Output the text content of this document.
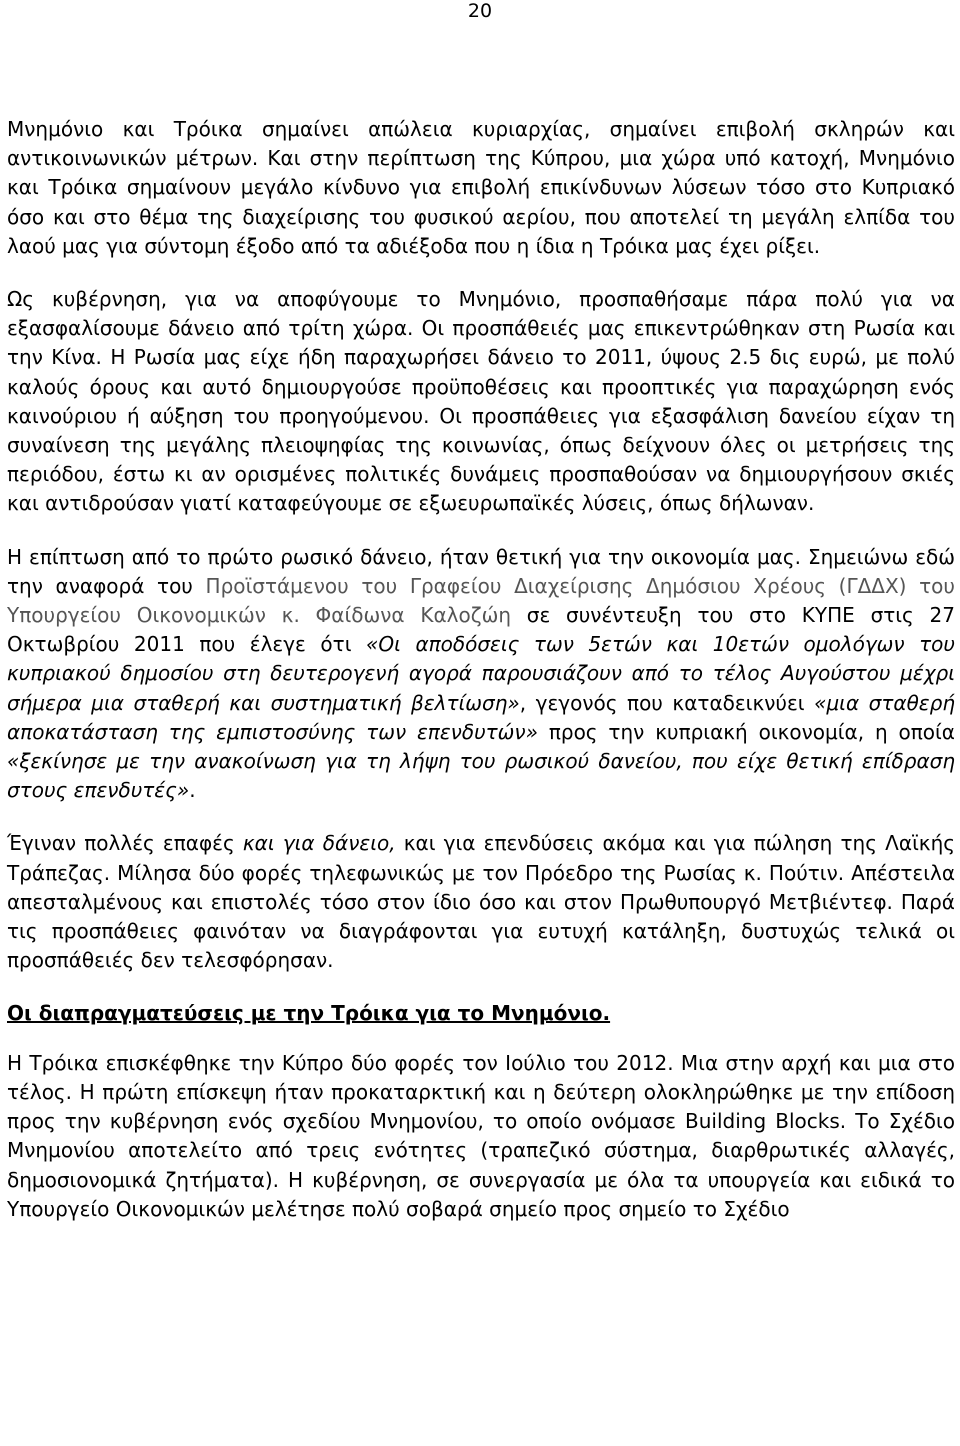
20

Μνημόνιο και Τρόικα σημαίνει απώλεια κυριαρχίας, σημαίνει επιβολή σκληρών και αντικοινωνικών μέτρων. Και στην περίπτωση της Κύπρου, μια χώρα υπό κατοχή, Μνημόνιο και Τρόικα σημαίνουν μεγάλο κίνδυνο για επιβολή επικίνδυνων λύσεων τόσο στο Κυπριακό όσο και στο θέμα της διαχείρισης του φυσικού αερίου, που αποτελεί τη μεγάλη ελπίδα του λαού μας για σύντομη έξοδο από τα αδιέξοδα που η ίδια η Τρόικα μας έχει ρίξει.

Ως κυβέρνηση, για να αποφύγουμε το Μνημόνιο, προσπαθήσαμε πάρα πολύ για να εξασφαλίσουμε δάνειο από τρίτη χώρα. Οι προσπάθειές μας επικεντρώθηκαν στη Ρωσία και την Κίνα. Η Ρωσία μας είχε ήδη παραχωρήσει δάνειο το 2011, ύψους 2.5 δις ευρώ, με πολύ καλούς όρους και αυτό δημιουργούσε προϋποθέσεις και προοπτικές για παραχώρηση ενός καινούριου ή αύξηση του προηγούμενου. Οι προσπάθειες για εξασφάλιση δανείου είχαν τη συναίνεση της μεγάλης πλειοψηφίας της κοινωνίας, όπως δείχνουν όλες οι μετρήσεις της περιόδου, έστω κι αν ορισμένες πολιτικές δυνάμεις προσπαθούσαν να δημιουργήσουν σκιές και αντιδρούσαν γιατί καταφεύγουμε σε εξωευρωπαϊκές λύσεις, όπως δήλωναν.

Η επίπτωση από το πρώτο ρωσικό δάνειο, ήταν θετική για την οικονομία μας. Σημειώνω εδώ την αναφορά του Προϊστάμενου του Γραφείου Διαχείρισης Δημόσιου Χρέους (ΓΔΔΧ) του Υπουργείου Οικονομικών κ. Φαίδωνα Καλοζώη σε συνέντευξη του στο ΚΥΠΕ στις 27 Οκτωβρίου 2011 που έλεγε ότι «Οι αποδόσεις των 5ετών και 10ετών ομολόγων του κυπριακού δημοσίου στη δευτερογενή αγορά παρουσιάζουν από το τέλος Αυγούστου μέχρι σήμερα μια σταθερή και συστηματική βελτίωση», γεγονός που καταδεικνύει «μια σταθερή αποκατάσταση της εμπιστοσύνης των επενδυτών» προς την κυπριακή οικονομία, η οποία «ξεκίνησε με την ανακοίνωση για τη λήψη του ρωσικού δανείου, που είχε θετική επίδραση στους επενδυτές».

Έγιναν πολλές επαφές και για δάνειο, και για επενδύσεις ακόμα και για πώληση της Λαϊκής Τράπεζας. Μίλησα δύο φορές τηλεφωνικώς με τον Πρόεδρο της Ρωσίας κ. Πούτιν. Απέστειλα απεσταλμένους και επιστολές τόσο στον ίδιο όσο και στον Πρωθυπουργό Μετβιέντεφ. Παρά τις προσπάθειες φαινόταν να διαγράφονται για ευτυχή κατάληξη, δυστυχώς τελικά οι προσπάθειές δεν τελεσφόρησαν.

Οι διαπραγματεύσεις με την Τρόικα για το Μνημόνιο.

Η Τρόικα επισκέφθηκε την Κύπρο δύο φορές τον Ιούλιο του 2012. Μια στην αρχή και μια στο τέλος. Η πρώτη επίσκεψη ήταν προκαταρκτική και η δεύτερη ολοκληρώθηκε με την επίδοση προς την κυβέρνηση ενός σχεδίου Μνημονίου, το οποίο ονόμασε Building Blocks. Το Σχέδιο Μνημονίου αποτελείτο από τρεις ενότητες (τραπεζικό σύστημα, διαρθρωτικές αλλαγές, δημοσιονομικά ζητήματα). Η κυβέρνηση, σε συνεργασία με όλα τα υπουργεία και ειδικά το Υπουργείο Οικονομικών μελέτησε πολύ σοβαρά σημείο προς σημείο το Σχέδιο
